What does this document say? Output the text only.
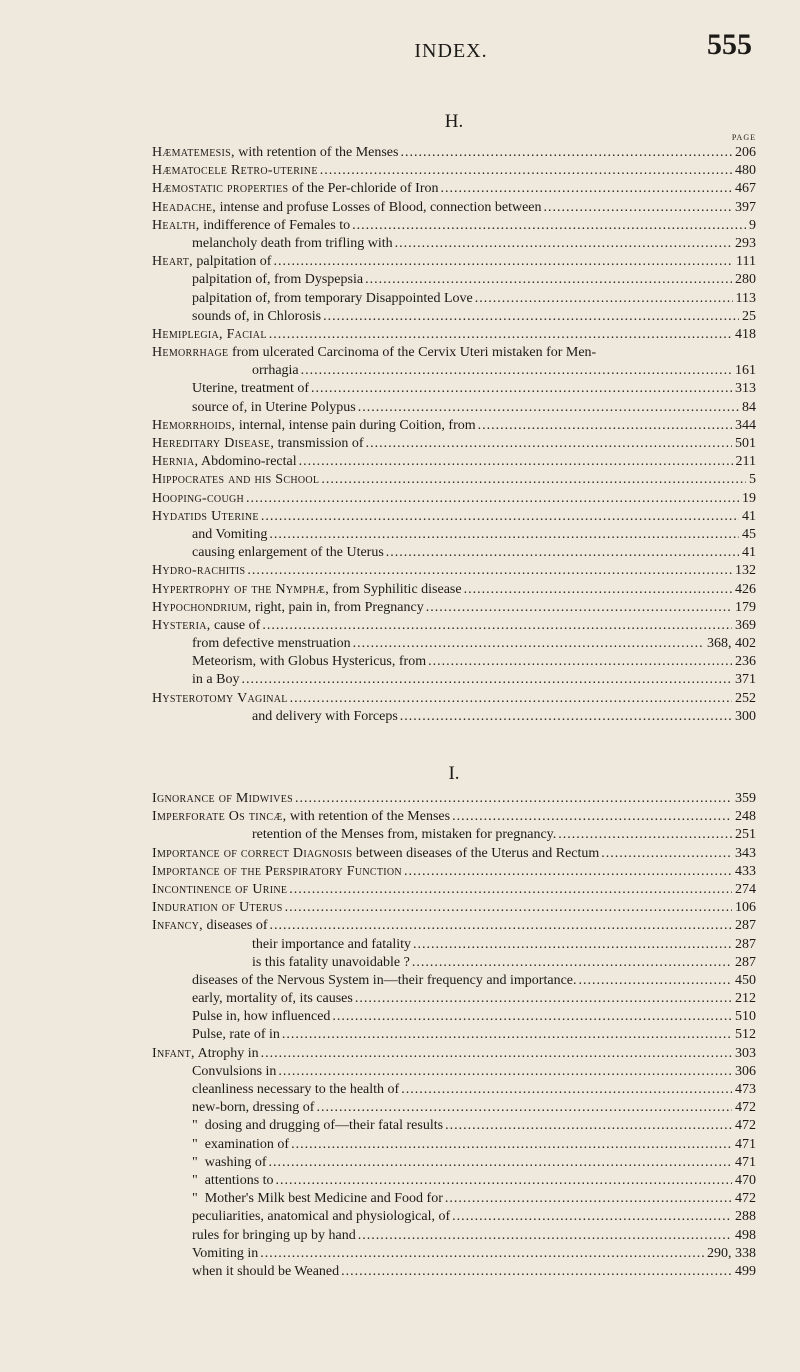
INDEX.	555
H.
PAGE
Hæmatemesis, with retention of the Menses .....	206
Hæmatocele Retro-uterine .....	480
Hæmostatic properties of the Per-chloride of Iron .....	467
Headache, intense and profuse Losses of Blood, connection between .....	397
Health, indifference of Females to .....	9
melancholy death from trifling with .....	293
Heart, palpitation of .....	111
palpitation of, from Dyspepsia .....	280
palpitation of, from temporary Disappointed Love .....	113
sounds of, in Chlorosis .....	25
Hemiplegia, Facial .....	418
Hemorrhage from ulcerated Carcinoma of the Cervix Uteri mistaken for Men-
orrhagia .....	161
Uterine, treatment of .....	313
source of, in Uterine Polypus .....	84
Hemorrhoids, internal, intense pain during Coition, from .....	344
Hereditary Disease, transmission of .....	501
Hernia, Abdomino-rectal .....	211
Hippocrates and his School .....	5
Hooping-cough .....	19
Hydatids Uterine .....	41
and Vomiting .....	45
causing enlargement of the Uterus .....	41
Hydro-rachitis .....	132
Hypertrophy of the Nymphæ, from Syphilitic disease .....	426
Hypochondrium, right, pain in, from Pregnancy .....	179
Hysteria, cause of .....	369
from defective menstruation .....	368, 402
Meteorism, with Globus Hystericus, from .....	236
in a Boy .....	371
Hysterotomy Vaginal .....	252
and delivery with Forceps .....	300
I.
Ignorance of Midwives .....	359
Imperforate Os tincæ, with retention of the Menses .....	248
retention of the Menses from, mistaken for pregnancy. .....	251
Importance of correct Diagnosis between diseases of the Uterus and Rectum .....	343
Importance of the Perspiratory Function .....	433
Incontinence of Urine .....	274
Induration of Uterus .....	106
Infancy, diseases of .....	287
their importance and fatality .....	287
is this fatality unavoidable ? .....	287
diseases of the Nervous System in—their frequency and importance. .....	450
early, mortality of, its causes .....	212
Pulse in, how influenced .....	510
Pulse, rate of in .....	512
Infant, Atrophy in .....	303
Convulsions in .....	306
cleanliness necessary to the health of .....	473
new-born, dressing of .....	472
"  dosing and drugging of—their fatal results .....	472
"  examination of .....	471
"  washing of .....	471
"  attentions to .....	470
"  Mother's Milk best Medicine and Food for .....	472
peculiarities, anatomical and physiological, of .....	288
rules for bringing up by hand .....	498
Vomiting in .....	290, 338
when it should be Weaned .....	499
